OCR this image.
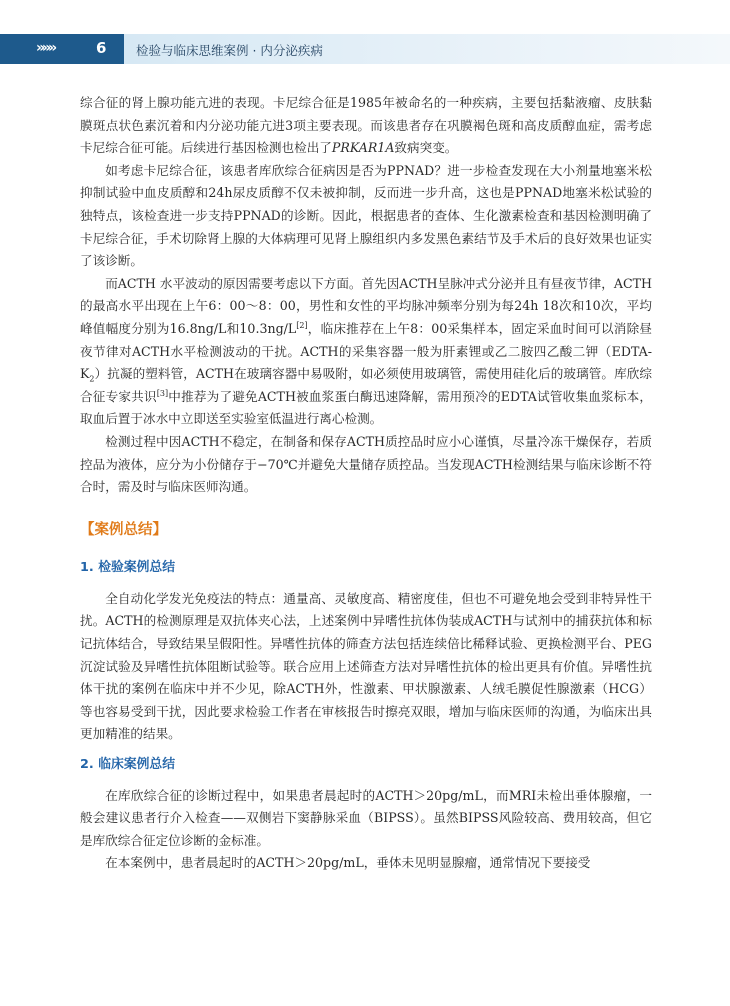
»»»	6 检验与临床思维案例 · 内分泌疾病

综合征的肾上腺功能亢进的表现。卡尼综合征是1985年被命名的一种疾病，主要包括黏液瘤、皮肤黏膜斑点状色素沉着和内分泌功能亢进3项主要表现。而该患者存在巩膜褐色斑和高皮质醇血症，需考虑卡尼综合征可能。后续进行基因检测也检出了PRKAR1A致病突变。

如考虑卡尼综合征，该患者库欣综合征病因是否为PPNAD？进一步检查发现在大小剂量地塞米松抑制试验中血皮质醇和24h尿皮质醇不仅未被抑制，反而进一步升高，这也是PPNAD地塞米松试验的独特点，该检查进一步支持PPNAD的诊断。因此，根据患者的查体、生化激素检查和基因检测明确了卡尼综合征，手术切除肾上腺的大体病理可见肾上腺组织内多发黑色素结节及手术后的良好效果也证实了该诊断。

而ACTH 水平波动的原因需要考虑以下方面。首先因ACTH呈脉冲式分泌并且有昼夜节律，ACTH的最高水平出现在上午6：00～8：00，男性和女性的平均脉冲频率分别为每24h 18次和10次，平均峰值幅度分别为16.8ng/L和10.3ng/L[2]，临床推荐在上午8：00采集样本，固定采血时间可以消除昼夜节律对ACTH水平检测波动的干扰。ACTH的采集容器一般为肝素锂或乙二胺四乙酸二钾$(EDTA-K_2)$抗凝的塑料管，ACTH在玻璃容器中易吸附，如必须使用玻璃管，需使用硅化后的玻璃管。库欣综合征专家共识[3]中推荐为了避免ACTH被血浆蛋白酶迅速降解，需用预冷的EDTA试管收集血浆标本，取血后置于冰水中立即送至实验室低温进行离心检测。

检测过程中因ACTH不稳定，在制备和保存ACTH质控品时应小心谨慎，尽量冷冻干燥保存，若质控品为液体，应分为小份储存于−70℃并避免大量储存质控品。当发现ACTH检测结果与临床诊断不符合时，需及时与临床医师沟通。

【案例总结】
1. 检验案例总结

全自动化学发光免疫法的特点：通量高、灵敏度高、精密度佳，但也不可避免地会受到非特异性干扰。ACTH的检测原理是双抗体夹心法，上述案例中异嗜性抗体伪装成ACTH与试剂中的捕获抗体和标记抗体结合，导致结果呈假阳性。异嗜性抗体的筛查方法包括连续倍比稀释试验、更换检测平台、PEG沉淀试验及异嗜性抗体阻断试验等。联合应用上述筛查方法对异嗜性抗体的检出更具有价值。异嗜性抗体干扰的案例在临床中并不少见，除ACTH外，性激素、甲状腺激素、人绒毛膜促性腺激素（HCG）等也容易受到干扰，因此要求检验工作者在审核报告时擦亮双眼，增加与临床医师的沟通，为临床出具更加精准的结果。

2. 临床案例总结

在库欣综合征的诊断过程中，如果患者晨起时的ACTH＞20pg/mL，而MRI未检出垂体腺瘤，一般会建议患者行介入检查——双侧岩下窦静脉采血（BIPSS）。虽然BIPSS风险较高、费用较高，但它是库欣综合征定位诊断的金标准。

在本案例中，患者晨起时的ACTH＞20pg/mL，垂体未见明显腺瘤，通常情况下要接受
